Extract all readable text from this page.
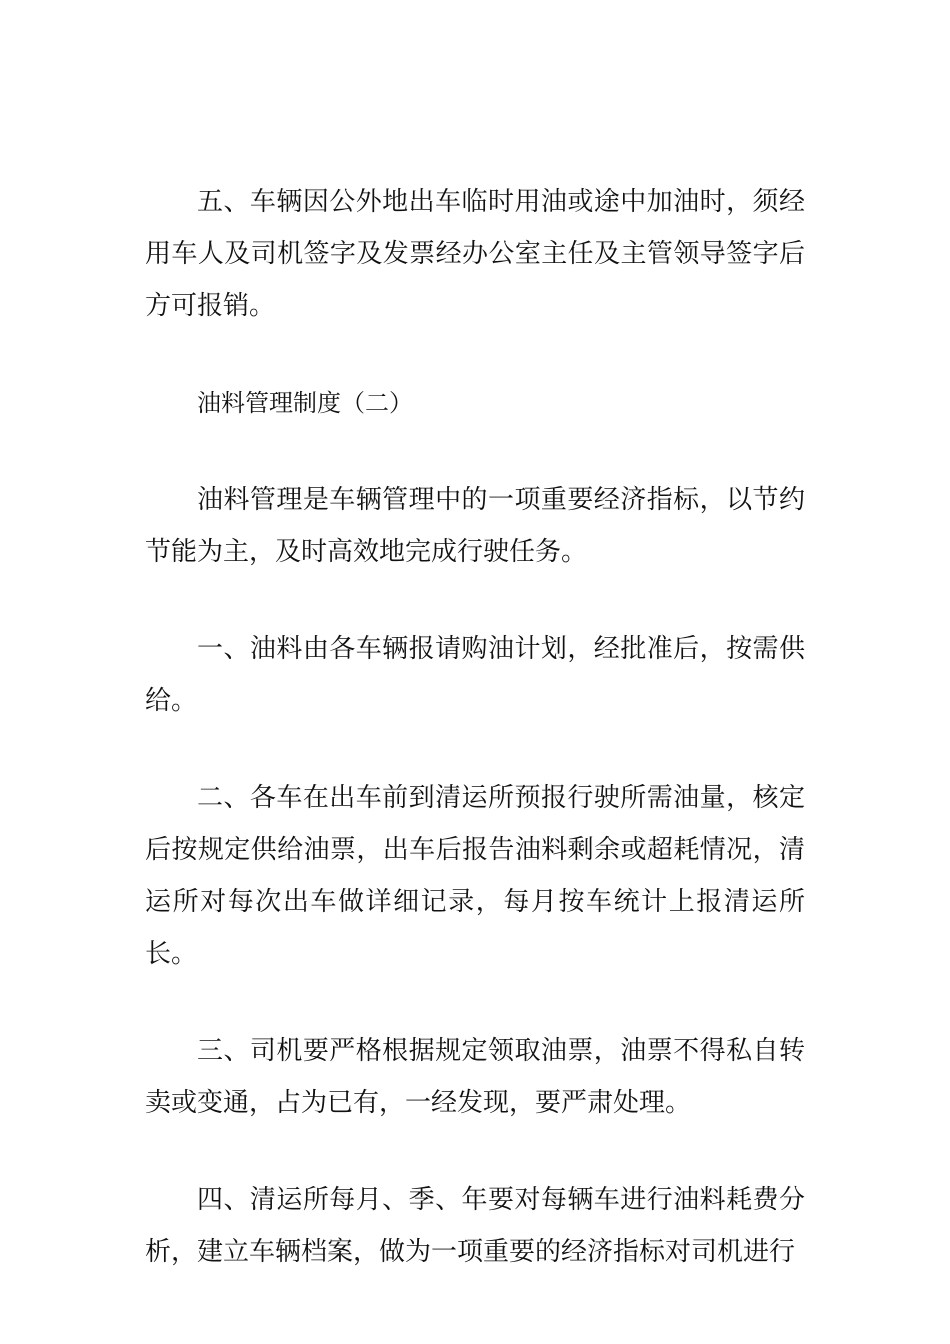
五、车辆因公外地出车临时用油或途中加油时，须经用车人及司机签字及发票经办公室主任及主管领导签字后方可报销。

油料管理制度（二）

油料管理是车辆管理中的一项重要经济指标，以节约节能为主，及时高效地完成行驶任务。

一、油料由各车辆报请购油计划，经批准后，按需供给。

二、各车在出车前到清运所预报行驶所需油量，核定后按规定供给油票，出车后报告油料剩余或超耗情况，清运所对每次出车做详细记录，每月按车统计上报清运所长。

三、司机要严格根据规定领取油票，油票不得私自转卖或变通，占为已有，一经发现，要严肃处理。

四、清运所每月、季、年要对每辆车进行油料耗费分析，建立车辆档案，做为一项重要的经济指标对司机进行
